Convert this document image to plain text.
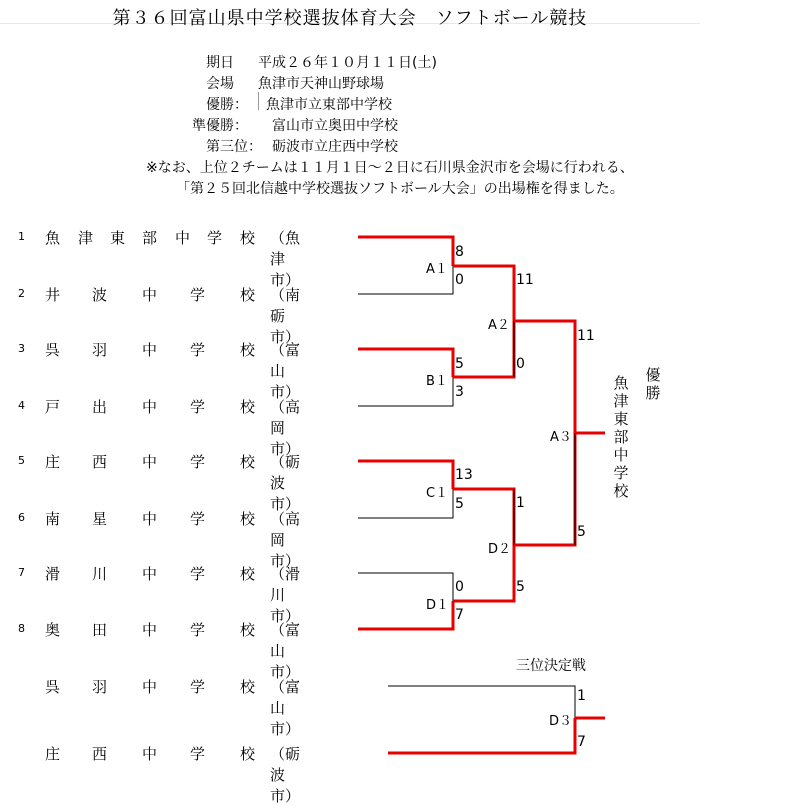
第３６回富山県中学校選抜体育大会　ソフトボール競技
期日 平成２６年１０月１１日(土)
会場 魚津市天神山野球場
優勝： 魚津市立東部中学校
準優勝： 富山市立奥田中学校
第三位： 砺波市立庄西中学校
※なお、上位２チームは１１月１日～２日に石川県金沢市を会場に行われる、
「第２５回北信越中学校選抜ソフトボール大会」の出場権を得ました。
1 魚 津 東 部 中 学 校 （魚津市）
2 井 波 中 学 校 （南砺市）
3 呉 羽 中 学 校 （富山市）
4 戸 出 中 学 校 （高岡市）
5 庄 西 中 学 校 （砺波市）
6 南 星 中 学 校 （高岡市）
7 滑 川 中 学 校 （滑川市）
8 奥 田 中 学 校 （富山市）
A１
8
0
B１
5
3
C１
13
5
D１
0
7
A２
11
0
D２
1
5
A３
11
5
優勝
魚津東部中学校
三位決定戦
D３
1
7
呉 羽 中 学 校 （富山市）
庄 西 中 学 校 （砺波市）
